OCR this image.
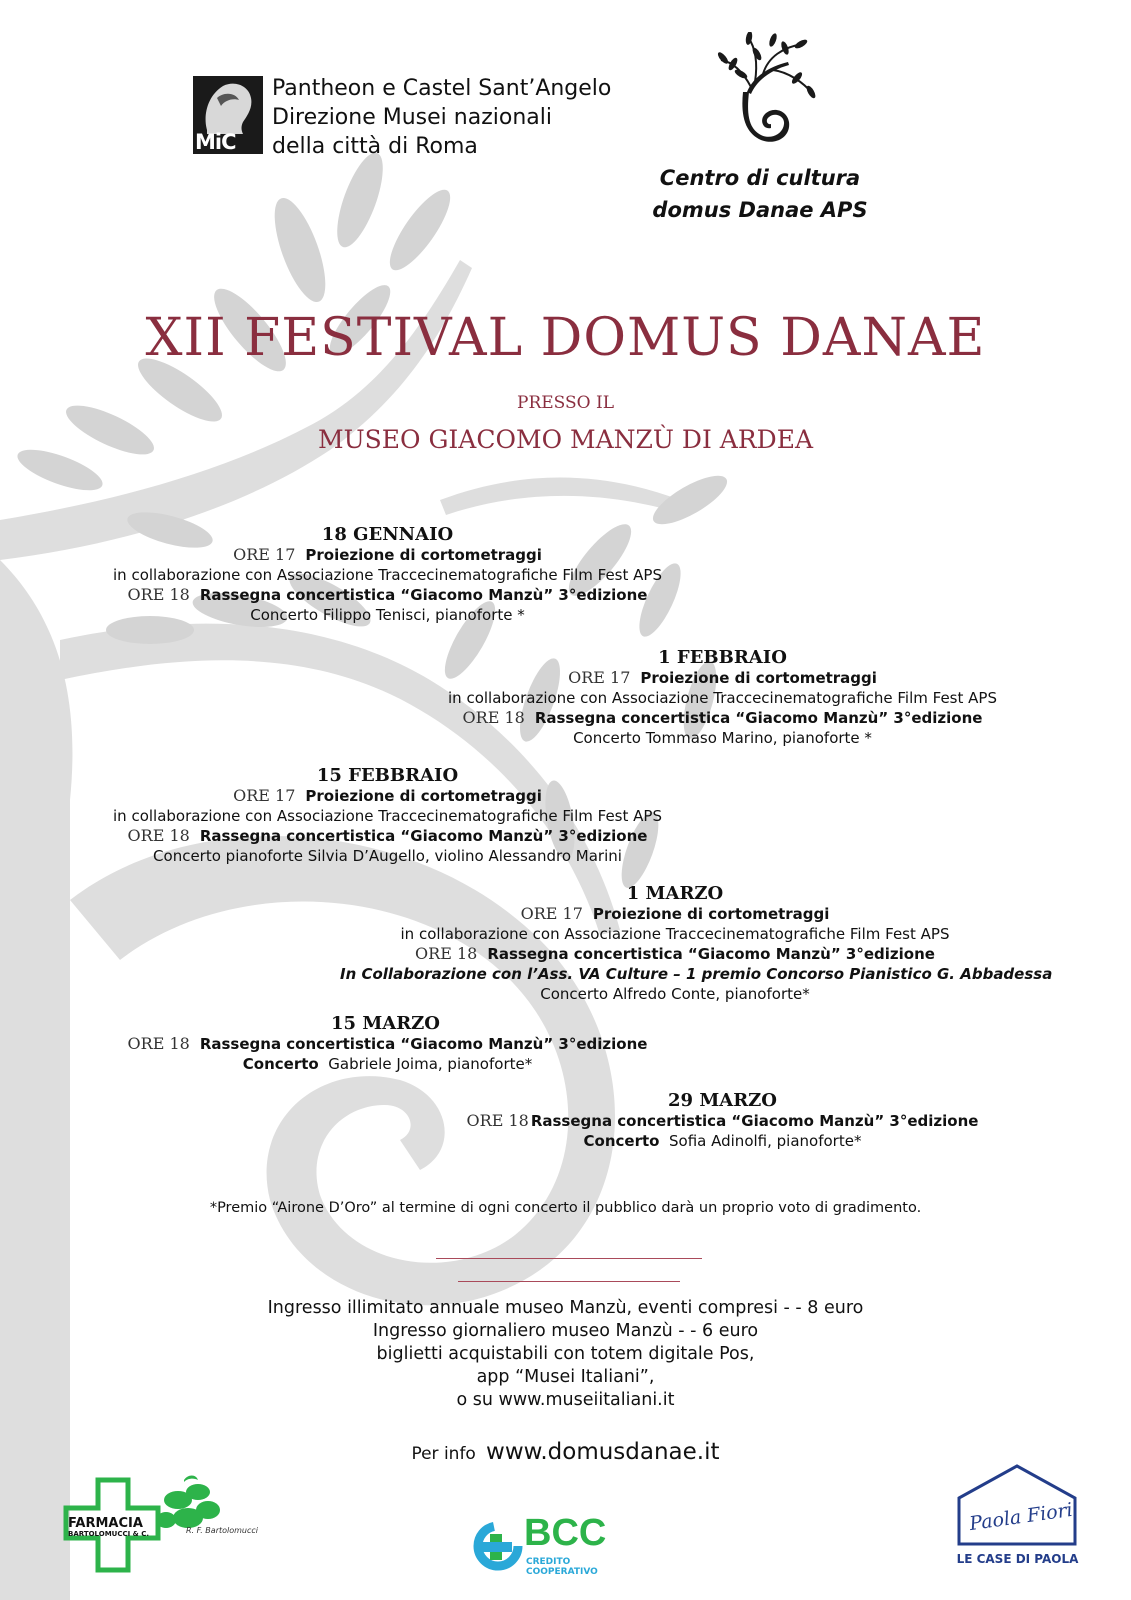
MiC
Pantheon e Castel Sant’Angelo
Direzione Musei nazionali
della città di Roma
Centro di cultura
domus Danae APS
XII FESTIVAL DOMUS DANAE
PRESSO IL
MUSEO GIACOMO MANZÙ DI ARDEA
18 GENNAIO
ORE 17 Proiezione di cortometraggi
in collaborazione con Associazione Traccecinematografiche Film Fest APS
ORE 18 Rassegna concertistica “Giacomo Manzù” 3°edizione
Concerto Filippo Tenisci, pianoforte *
1 FEBBRAIO
ORE 17 Proiezione di cortometraggi
in collaborazione con Associazione Traccecinematografiche Film Fest APS
ORE 18 Rassegna concertistica “Giacomo Manzù” 3°edizione
Concerto Tommaso Marino, pianoforte *
15 FEBBRAIO
ORE 17 Proiezione di cortometraggi
in collaborazione con Associazione Traccecinematografiche Film Fest APS
ORE 18 Rassegna concertistica “Giacomo Manzù” 3°edizione
Concerto pianoforte Silvia D’Augello, violino Alessandro Marini
1 MARZO
ORE 17 Proiezione di cortometraggi
in collaborazione con Associazione Traccecinematografiche Film Fest APS
ORE 18 Rassegna concertistica “Giacomo Manzù” 3°edizione
In Collaborazione con l’Ass. VA Culture – 1 premio Concorso Pianistico G. Abbadessa
Concerto Alfredo Conte, pianoforte*
15 MARZO
ORE 18 Rassegna concertistica “Giacomo Manzù” 3°edizione
Concerto Gabriele Joima, pianoforte*
29 MARZO
ORE 18 Rassegna concertistica “Giacomo Manzù” 3°edizione
Concerto Sofia Adinolfi, pianoforte*
*Premio “Airone D’Oro” al termine di ogni concerto il pubblico darà un proprio voto di gradimento.
Ingresso illimitato annuale museo Manzù, eventi compresi - - 8 euro
Ingresso giornaliero museo Manzù - - 6 euro
biglietti acquistabili con totem digitale Pos,
app “Musei Italiani”,
o su www.museiitaliani.it
Per info www.domusdanae.it
FARMACIA
BARTOLOMUCCI & C.	R. F. Bartolomucci	BCC
CREDITO COOPERATIVO
Paola Fiori
LE CASE DI PAOLA
